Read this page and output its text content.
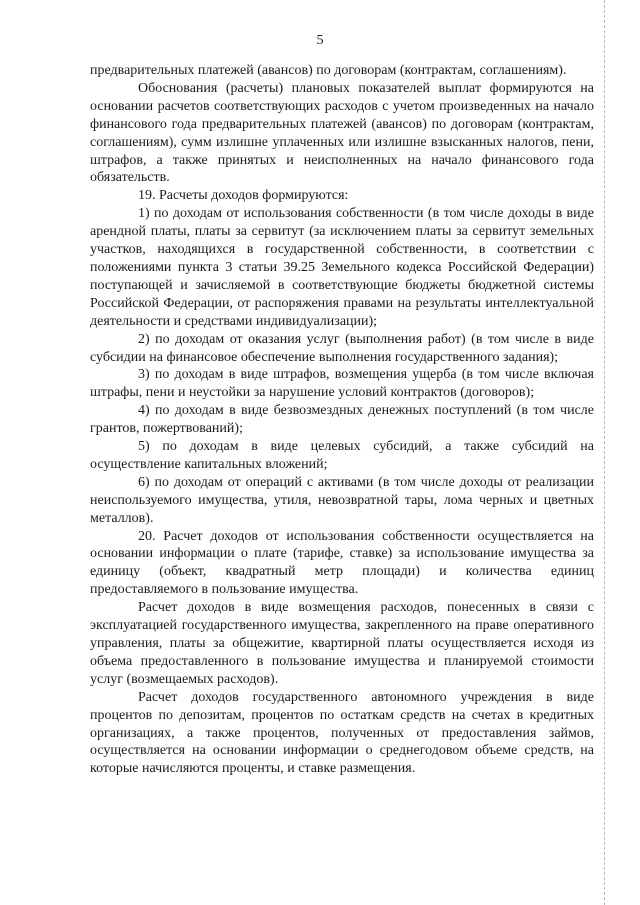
5

предварительных платежей (авансов) по договорам (контрактам, соглашениям).

Обоснования (расчеты) плановых показателей выплат формируются на основании расчетов соответствующих расходов с учетом произведенных на начало финансового года предварительных платежей (авансов) по договорам (контрактам, соглашениям), сумм излишне уплаченных или излишне взысканных налогов, пени, штрафов, а также принятых и неисполненных на начало финансового года обязательств.

19. Расчеты доходов формируются:

1) по доходам от использования собственности (в том числе доходы в виде арендной платы, платы за сервитут (за исключением платы за сервитут земельных участков, находящихся в государственной собственности, в соответствии с положениями пункта 3 статьи 39.25 Земельного кодекса Российской Федерации) поступающей и зачисляемой в соответствующие бюджеты бюджетной системы Российской Федерации, от распоряжения правами на результаты интеллектуальной деятельности и средствами индивидуализации);

2) по доходам от оказания услуг (выполнения работ) (в том числе в виде субсидии на финансовое обеспечение выполнения государственного задания);

3) по доходам в виде штрафов, возмещения ущерба (в том числе включая штрафы, пени и неустойки за нарушение условий контрактов (договоров);

4) по доходам в виде безвозмездных денежных поступлений (в том числе грантов, пожертвований);

5) по доходам в виде целевых субсидий, а также субсидий на осуществление капитальных вложений;

6) по доходам от операций с активами (в том числе доходы от реализации неиспользуемого имущества, утиля, невозвратной тары, лома черных и цветных металлов).

20. Расчет доходов от использования собственности осуществляется на основании информации о плате (тарифе, ставке) за использование имущества за единицу (объект, квадратный метр площади) и количества единиц предоставляемого в пользование имущества.

Расчет доходов в виде возмещения расходов, понесенных в связи с эксплуатацией государственного имущества, закрепленного на праве оперативного управления, платы за общежитие, квартирной платы осуществляется исходя из объема предоставленного в пользование имущества и планируемой стоимости услуг (возмещаемых расходов).

Расчет доходов государственного автономного учреждения в виде процентов по депозитам, процентов по остаткам средств на счетах в кредитных организациях, а также процентов, полученных от предоставления займов, осуществляется на основании информации о среднегодовом объеме средств, на которые начисляются проценты, и ставке размещения.
